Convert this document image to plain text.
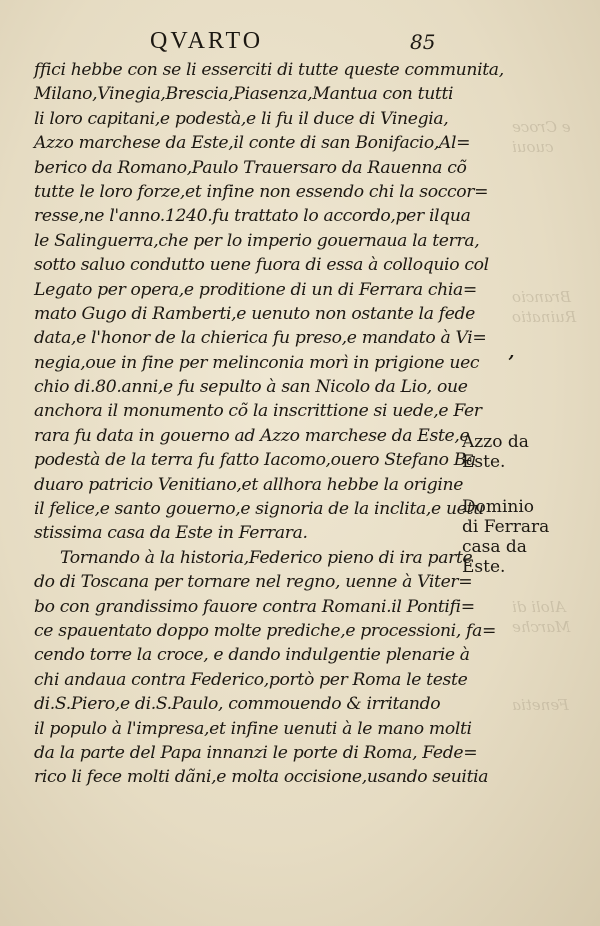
e Croce
cuoui
Brancio
Ruinatio
Aloli di
Marche
Fenetia
QVARTO	85
ffici hebbe con se li esserciti di tutte queste communita,
Milano,Vinegia,Brescia,Piasenza,Mantua con tutti
li loro capitani,e podestà,e li fu il duce di Vinegia,
Azzo marchese da Este,il conte di san Bonifacio,Al=
berico da Romano,Paulo Trauersaro da Rauenna cõ
tutte le loro forze,et infine non essendo chi la soccor=
resse,ne l'anno.1240.fu trattato lo accordo,per ilqua
le Salinguerra,che per lo imperio gouernaua la terra,
sotto saluo condutto uene fuora di essa à colloquio col
Legato per opera,e proditione di un di Ferrara chia=
mato Gugo di Ramberti,e uenuto non ostante la fede
data,e l'honor de la chierica fu preso,e mandato à Vi=
negia,oue in fine per melinconia morì in prigione uec
chio di.80.anni,e fu sepulto à san Nicolo da Lio, oue
anchora il monumento cõ la inscrittione si uede,e Fer
rara fu data in gouerno ad Azzo marchese da Este,e
podestà de la terra fu fatto Iacomo,ouero Stefano Ba
duaro patricio Venitiano,et allhora hebbe la origine
il felice,e santo gouerno,e signoria de la inclita,e uetu
stissima casa da Este in Ferrara.
Tornando à la historia,Federico pieno di ira parte
do di Toscana per tornare nel regno, uenne à Viter=
bo con grandissimo fauore contra Romani.il Pontifi=
ce spauentato doppo molte prediche,e processioni, fa=
cendo torre la croce, e dando indulgentie plenarie à
chi andaua contra Federico,portò per Roma le teste
di.S.Piero,e di.S.Paulo, commouendo & irritando
il populo à l'impresa,et infine uenuti à le mano molti
da la parte del Papa innanzi le porte di Roma, Fede=
rico li fece molti dãni,e molta occisione,usando seuitia
Azzo da
Este.
Dominio
di Ferrara
casa da
Este.
’
